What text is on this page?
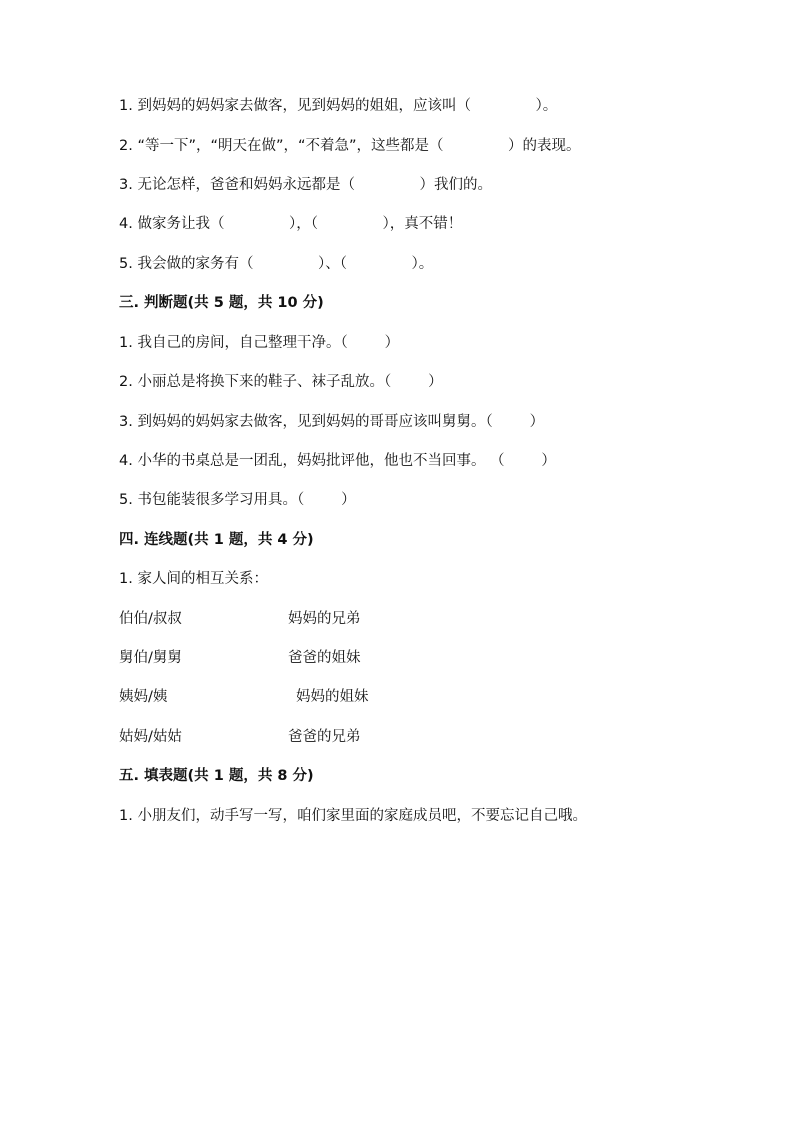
1. 到妈妈的妈妈家去做客，见到妈妈的姐姐，应该叫（              ）。
2. “等一下”，“明天在做”，“不着急”，这些都是（              ）的表现。
3. 无论怎样，爸爸和妈妈永远都是（              ）我们的。
4. 做家务让我（              ），（              ），真不错！
5. 我会做的家务有（              ）、（              ）。
三. 判断题(共 5 题，共 10 分)
1. 我自己的房间，自己整理干净。（        ）
2. 小丽总是将换下来的鞋子、袜子乱放。（        ）
3. 到妈妈的妈妈家去做客，见到妈妈的哥哥应该叫舅舅。（        ）
4. 小华的书桌总是一团乱，妈妈批评他，他也不当回事。 （        ）
5. 书包能装很多学习用具。（        ）
四. 连线题(共 1 题，共 4 分)
1. 家人间的相互关系：
伯伯/叔叔	妈妈的兄弟
舅伯/舅舅	爸爸的姐妹
姨妈/姨	妈妈的姐妹
姑妈/姑姑	爸爸的兄弟
五. 填表题(共 1 题，共 8 分)
1. 小朋友们，动手写一写，咱们家里面的家庭成员吧，不要忘记自己哦。
